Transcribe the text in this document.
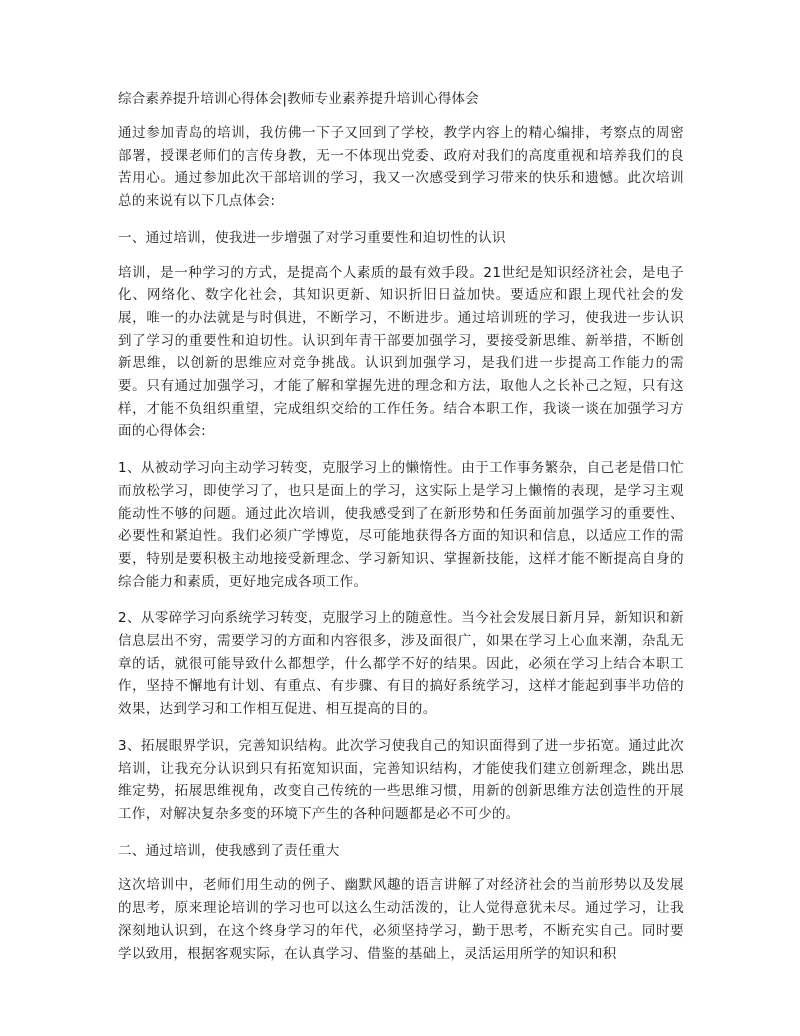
综合素养提升培训心得体会|教师专业素养提升培训心得体会

通过参加青岛的培训，我仿佛一下子又回到了学校，教学内容上的精心编排，考察点的周密部署，授课老师们的言传身教，无一不体现出党委、政府对我们的高度重视和培养我们的良苦用心。通过参加此次干部培训的学习，我又一次感受到学习带来的快乐和遗憾。此次培训总的来说有以下几点体会:

一、通过培训，使我进一步增强了对学习重要性和迫切性的认识

培训，是一种学习的方式，是提高个人素质的最有效手段。21世纪是知识经济社会，是电子化、网络化、数字化社会，其知识更新、知识折旧日益加快。要适应和跟上现代社会的发展，唯一的办法就是与时俱进，不断学习，不断进步。通过培训班的学习，使我进一步认识到了学习的重要性和迫切性。认识到年青干部要加强学习，要接受新思维、新举措，不断创新思维，以创新的思维应对竞争挑战。认识到加强学习，是我们进一步提高工作能力的需要。只有通过加强学习，才能了解和掌握先进的理念和方法，取他人之长补己之短，只有这样，才能不负组织重望，完成组织交给的工作任务。结合本职工作，我谈一谈在加强学习方面的心得体会:

1、从被动学习向主动学习转变，克服学习上的懒惰性。由于工作事务繁杂，自己老是借口忙而放松学习，即使学习了，也只是面上的学习，这实际上是学习上懒惰的表现，是学习主观能动性不够的问题。通过此次培训，使我感受到了在新形势和任务面前加强学习的重要性、必要性和紧迫性。我们必须广学博览，尽可能地获得各方面的知识和信息，以适应工作的需要，特别是要积极主动地接受新理念、学习新知识、掌握新技能，这样才能不断提高自身的综合能力和素质，更好地完成各项工作。

2、从零碎学习向系统学习转变，克服学习上的随意性。当今社会发展日新月异，新知识和新信息层出不穷，需要学习的方面和内容很多，涉及面很广，如果在学习上心血来潮，杂乱无章的话，就很可能导致什么都想学，什么都学不好的结果。因此，必须在学习上结合本职工作，坚持不懈地有计划、有重点、有步骤、有目的搞好系统学习，这样才能起到事半功倍的效果，达到学习和工作相互促进、相互提高的目的。

3、拓展眼界学识，完善知识结构。此次学习使我自己的知识面得到了进一步拓宽。通过此次培训，让我充分认识到只有拓宽知识面，完善知识结构，才能使我们建立创新理念，跳出思维定势，拓展思维视角，改变自己传统的一些思维习惯，用新的创新思维方法创造性的开展工作，对解决复杂多变的环境下产生的各种问题都是必不可少的。

二、通过培训，使我感到了责任重大

这次培训中，老师们用生动的例子、幽默风趣的语言讲解了对经济社会的当前形势以及发展的思考，原来理论培训的学习也可以这么生动活泼的，让人觉得意犹未尽。通过学习，让我深刻地认识到，在这个终身学习的年代，必须坚持学习，勤于思考，不断充实自己。同时要学以致用，根据客观实际，在认真学习、借鉴的基础上，灵活运用所学的知识和积
